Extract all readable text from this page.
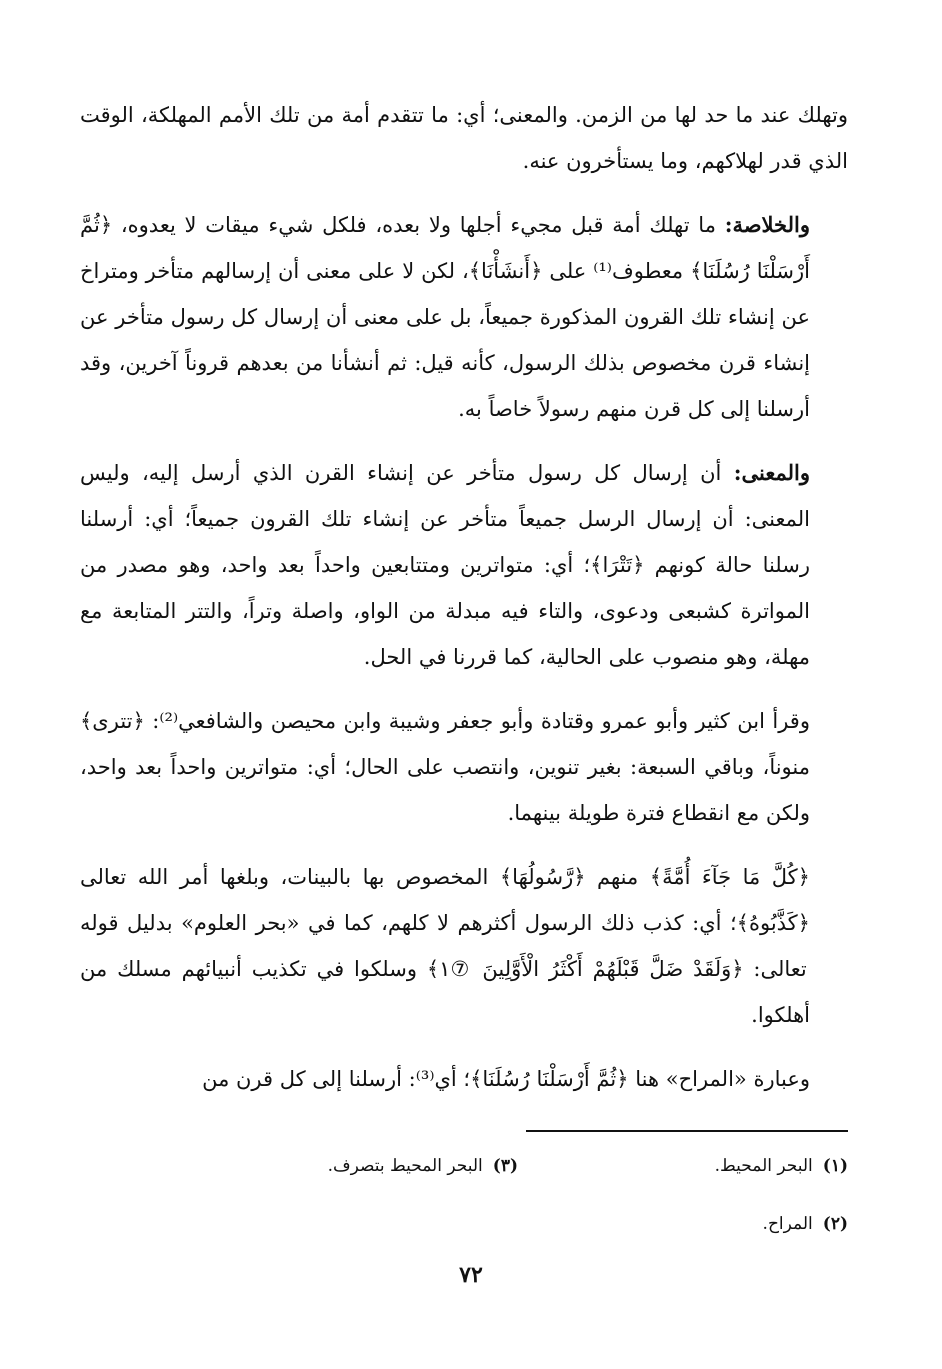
وتهلك عند ما حد لها من الزمن. والمعنى؛ أي: ما تتقدم أمة من تلك الأمم المهلكة، الوقت الذي قدر لهلاكهم، وما يستأخرون عنه.

والخلاصة: ما تهلك أمة قبل مجيء أجلها ولا بعده، فلكل شيء ميقات لا يعدوه، ﴿ثُمَّ أَرْسَلْنَا رُسُلَنَا﴾ معطوف⁽¹⁾ على ﴿أَنشَأْنَا﴾، لكن لا على معنى أن إرسالهم متأخر ومتراخ عن إنشاء تلك القرون المذكورة جميعاً، بل على معنى أن إرسال كل رسول متأخر عن إنشاء قرن مخصوص بذلك الرسول، كأنه قيل: ثم أنشأنا من بعدهم قروناً آخرين، وقد أرسلنا إلى كل قرن منهم رسولاً خاصاً به.

والمعنى: أن إرسال كل رسول متأخر عن إنشاء القرن الذي أرسل إليه، وليس المعنى: أن إرسال الرسل جميعاً متأخر عن إنشاء تلك القرون جميعاً؛ أي: أرسلنا رسلنا حالة كونهم ﴿تَتْرَا﴾؛ أي: متواترين ومتتابعين واحداً بعد واحد، وهو مصدر من المواترة كشبعى ودعوى، والتاء فيه مبدلة من الواو، واصلة وتراً، والتتر المتابعة مع مهلة، وهو منصوب على الحالية، كما قررنا في الحل.

وقرأ ابن كثير وأبو عمرو وقتادة وأبو جعفر وشيبة وابن محيصن والشافعي⁽²⁾: ﴿تترى﴾ منوناً، وباقي السبعة: بغير تنوين، وانتصب على الحال؛ أي: متواترين واحداً بعد واحد، ولكن مع انقطاع فترة طويلة بينهما.

﴿كُلَّ مَا جَآءَ أُمَّةً﴾ منهم ﴿رَّسُولُهَا﴾ المخصوص بها بالبينات، وبلغها أمر الله تعالى ﴿كَذَّبُوهُ﴾؛ أي: كذب ذلك الرسول أكثرهم لا كلهم، كما في «بحر العلوم» بدليل قوله تعالى: ﴿وَلَقَدْ ضَلَّ قَبْلَهُمْ أَكْثَرُ الْأَوَّلِينَ ⑦١﴾ وسلكوا في تكذيب أنبيائهم مسلك من أهلكوا.

وعبارة «المراح» هنا ﴿ثُمَّ أَرْسَلْنَا رُسُلَنَا﴾؛ أي⁽³⁾: أرسلنا إلى كل قرن من

(١)البحر المحيط.
(٣)البحر المحيط بتصرف.
(٢)المراح.
٧٢
